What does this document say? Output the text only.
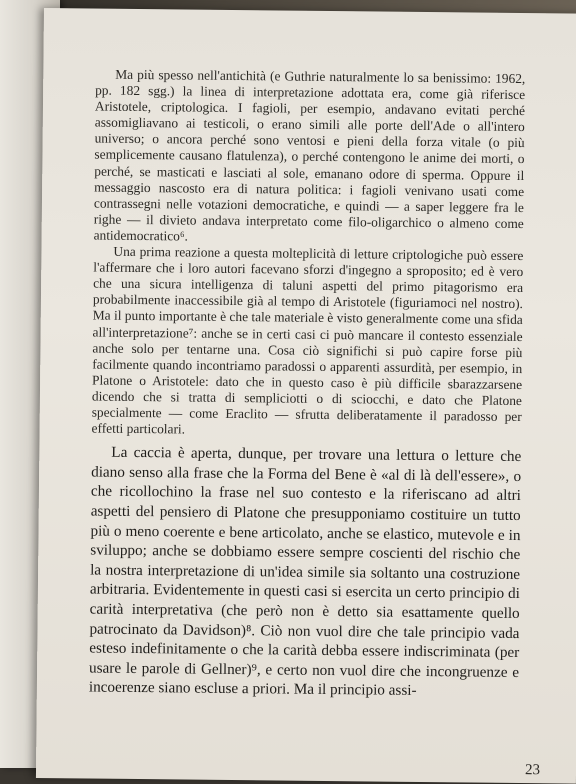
Ma più spesso nell'antichità (e Guthrie naturalmente lo sa benissimo: 1962, pp. 182 sgg.) la linea di interpretazione adottata era, come già riferisce Aristotele, criptologica. I fagioli, per esempio, andavano evitati perché assomigliavano ai testicoli, o erano simili alle porte dell'Ade o all'intero universo; o ancora perché sono ventosi e pieni della forza vitale (o più semplicemente causano flatulenza), o perché contengono le anime dei morti, o perché, se masticati e lasciati al sole, emanano odore di sperma. Oppure il messaggio nascosto era di natura politica: i fagioli venivano usati come contrassegni nelle votazioni democratiche, e quindi — a saper leggere fra le righe — il divieto andava interpretato come filo-oligarchico o almeno come antidemocratico⁶.

Una prima reazione a questa molteplicità di letture criptologiche può essere l'affermare che i loro autori facevano sforzi d'ingegno a sproposito; ed è vero che una sicura intelligenza di taluni aspetti del primo pitagorismo era probabilmente inaccessibile già al tempo di Aristotele (figuriamoci nel nostro). Ma il punto importante è che tale materiale è visto generalmente come una sfida all'interpretazione⁷: anche se in certi casi ci può mancare il contesto essenziale anche solo per tentarne una. Cosa ciò significhi si può capire forse più facilmente quando incontriamo paradossi o apparenti assurdità, per esempio, in Platone o Aristotele: dato che in questo caso è più difficile sbarazzarsene dicendo che si tratta di sempliciotti o di sciocchi, e dato che Platone specialmente — come Eraclito — sfrutta deliberatamente il paradosso per effetti particolari.

La caccia è aperta, dunque, per trovare una lettura o letture che diano senso alla frase che la Forma del Bene è «al di là dell'essere», o che ricollochino la frase nel suo contesto e la riferiscano ad altri aspetti del pensiero di Platone che presupponiamo costituire un tutto più o meno coerente e bene articolato, anche se elastico, mutevole e in sviluppo; anche se dobbiamo essere sempre coscienti del rischio che la nostra interpretazione di un'idea simile sia soltanto una costruzione arbitraria. Evidentemente in questi casi si esercita un certo principio di carità interpretativa (che però non è detto sia esattamente quello patrocinato da Davidson)⁸. Ciò non vuol dire che tale principio vada esteso indefinitamente o che la carità debba essere indiscriminata (per usare le parole di Gellner)⁹, e certo non vuol dire che incongruenze e incoerenze siano escluse a priori. Ma il principio assi-

23
